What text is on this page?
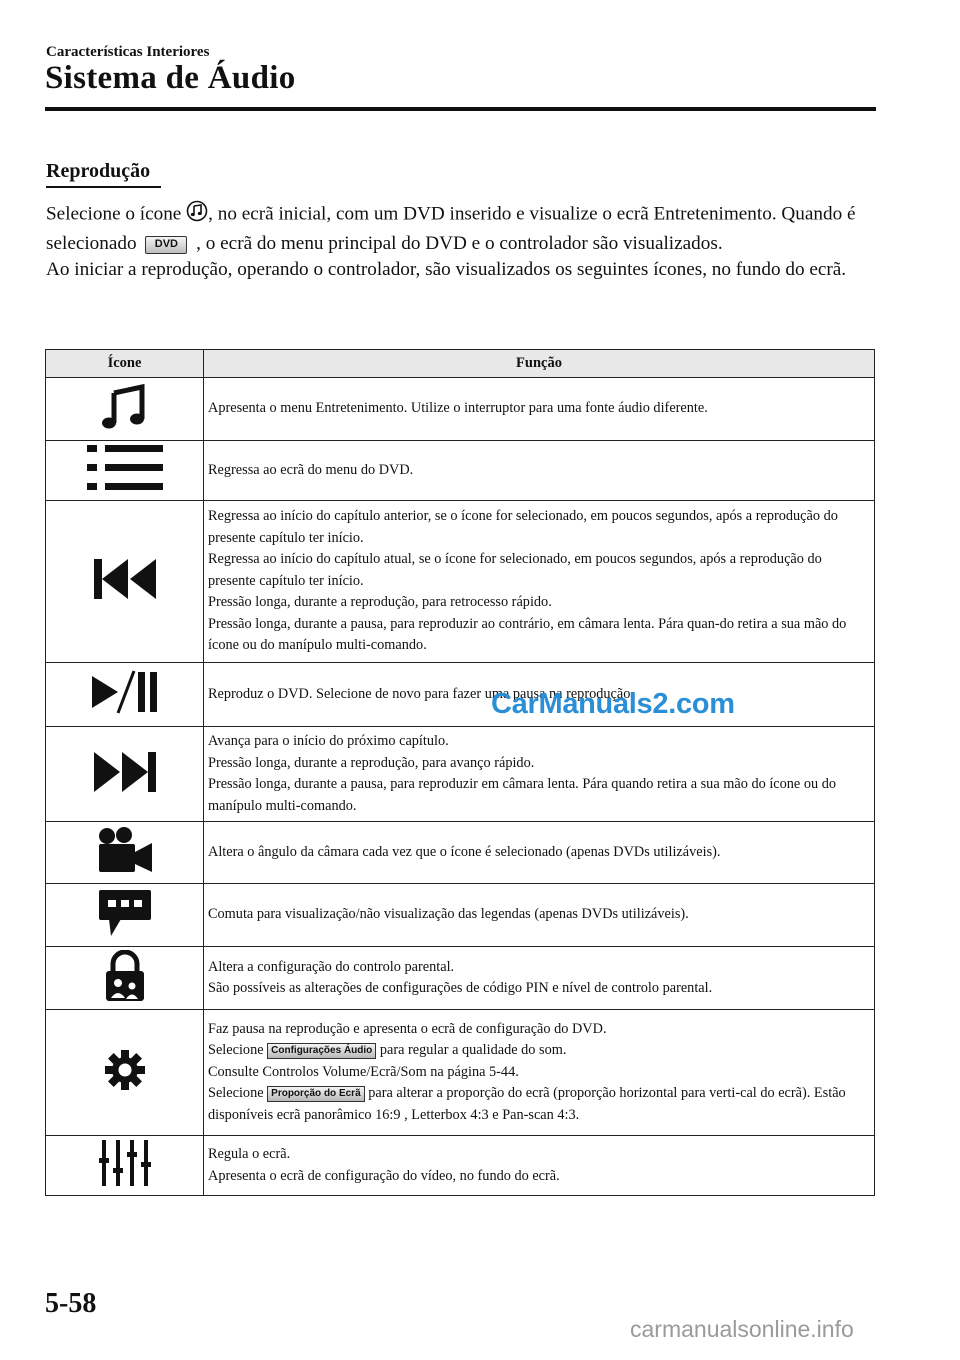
Características Interiores
Sistema de Áudio
Reprodução

Selecione o ícone , no ecrã inicial, com um DVD inserido e visualize o ecrã Entretenimento. Quando é selecionado DVD , o ecrã do menu principal do DVD e o controlador são visualizados.

Ao iniciar a reprodução, operando o controlador, são visualizados os seguintes ícones, no fundo do ecrã.

Ícone	Função

Apresenta o menu Entretenimento. Utilize o interruptor para uma fonte áudio diferente.

Regressa ao ecrã do menu do DVD.

Regressa ao início do capítulo anterior, se o ícone for selecionado, em poucos segundos, após a reprodução do presente capítulo ter início.
Regressa ao início do capítulo atual, se o ícone for selecionado, em poucos segundos, após a reprodução do presente capítulo ter início.
Pressão longa, durante a reprodução, para retrocesso rápido.
Pressão longa, durante a pausa, para reproduzir ao contrário, em câmara lenta. Pára quan-do retira a sua mão do ícone ou do manípulo multi-comando.

Reproduz o DVD. Selecione de novo para fazer uma pausa na reprodução.

Avança para o início do próximo capítulo.
Pressão longa, durante a reprodução, para avanço rápido.
Pressão longa, durante a pausa, para reproduzir em câmara lenta. Pára quando retira a sua mão do ícone ou do manípulo multi-comando.

Altera o ângulo da câmara cada vez que o ícone é selecionado (apenas DVDs utilizáveis).

Comuta para visualização/não visualização das legendas (apenas DVDs utilizáveis).

Altera a configuração do controlo parental.
São possíveis as alterações de configurações de código PIN e nível de controlo parental.

Faz pausa na reprodução e apresenta o ecrã de configuração do DVD.
Selecione Configurações Áudio para regular a qualidade do som.
Consulte Controlos Volume/Ecrã/Som na página 5-44.
Selecione Proporção do Ecrã para alterar a proporção do ecrã (proporção horizontal para verti-cal do ecrã). Estão disponíveis ecrã panorâmico 16:9 , Letterbox 4:3 e Pan-scan 4:3.

Regula o ecrã.
Apresenta o ecrã de configuração do vídeo, no fundo do ecrã.
CarManuals2.com
5-58
carmanualsonline.info
